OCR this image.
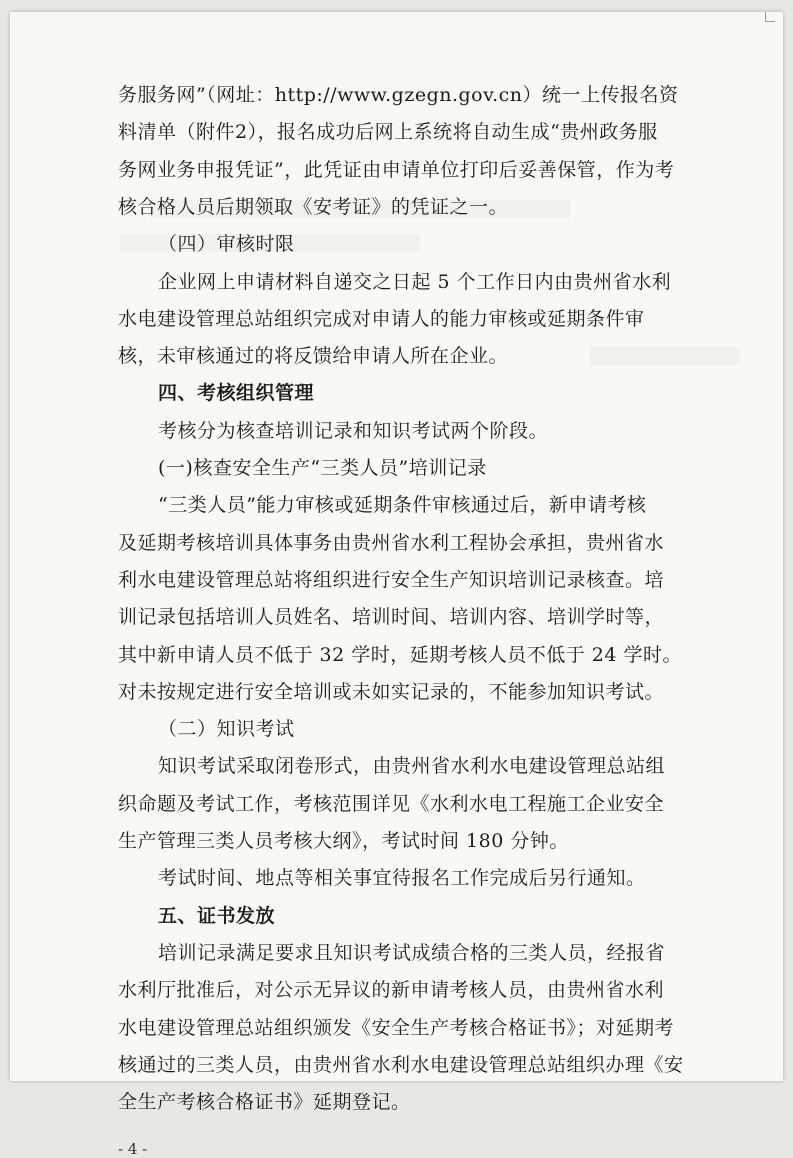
务服务网”（网址：http://www.gzegn.gov.cn）统一上传报名资
料清单（附件2），报名成功后网上系统将自动生成“贵州政务服
务网业务申报凭证”，此凭证由申请单位打印后妥善保管，作为考
核合格人员后期领取《安考证》的凭证之一。
（四）审核时限
企业网上申请材料自递交之日起 5 个工作日内由贵州省水利
水电建设管理总站组织完成对申请人的能力审核或延期条件审
核，未审核通过的将反馈给申请人所在企业。
四、考核组织管理
考核分为核查培训记录和知识考试两个阶段。
(一)核查安全生产“三类人员”培训记录
“三类人员”能力审核或延期条件审核通过后，新申请考核
及延期考核培训具体事务由贵州省水利工程协会承担，贵州省水
利水电建设管理总站将组织进行安全生产知识培训记录核查。培
训记录包括培训人员姓名、培训时间、培训内容、培训学时等，
其中新申请人员不低于 32 学时，延期考核人员不低于 24 学时。
对未按规定进行安全培训或未如实记录的，不能参加知识考试。
（二）知识考试
知识考试采取闭卷形式，由贵州省水利水电建设管理总站组
织命题及考试工作，考核范围详见《水利水电工程施工企业安全
生产管理三类人员考核大纲》，考试时间 180 分钟。
考试时间、地点等相关事宜待报名工作完成后另行通知。
五、证书发放
培训记录满足要求且知识考试成绩合格的三类人员，经报省
水利厅批准后，对公示无异议的新申请考核人员，由贵州省水利
水电建设管理总站组织颁发《安全生产考核合格证书》；对延期考
核通过的三类人员，由贵州省水利水电建设管理总站组织办理《安
全生产考核合格证书》延期登记。
- 4 -
